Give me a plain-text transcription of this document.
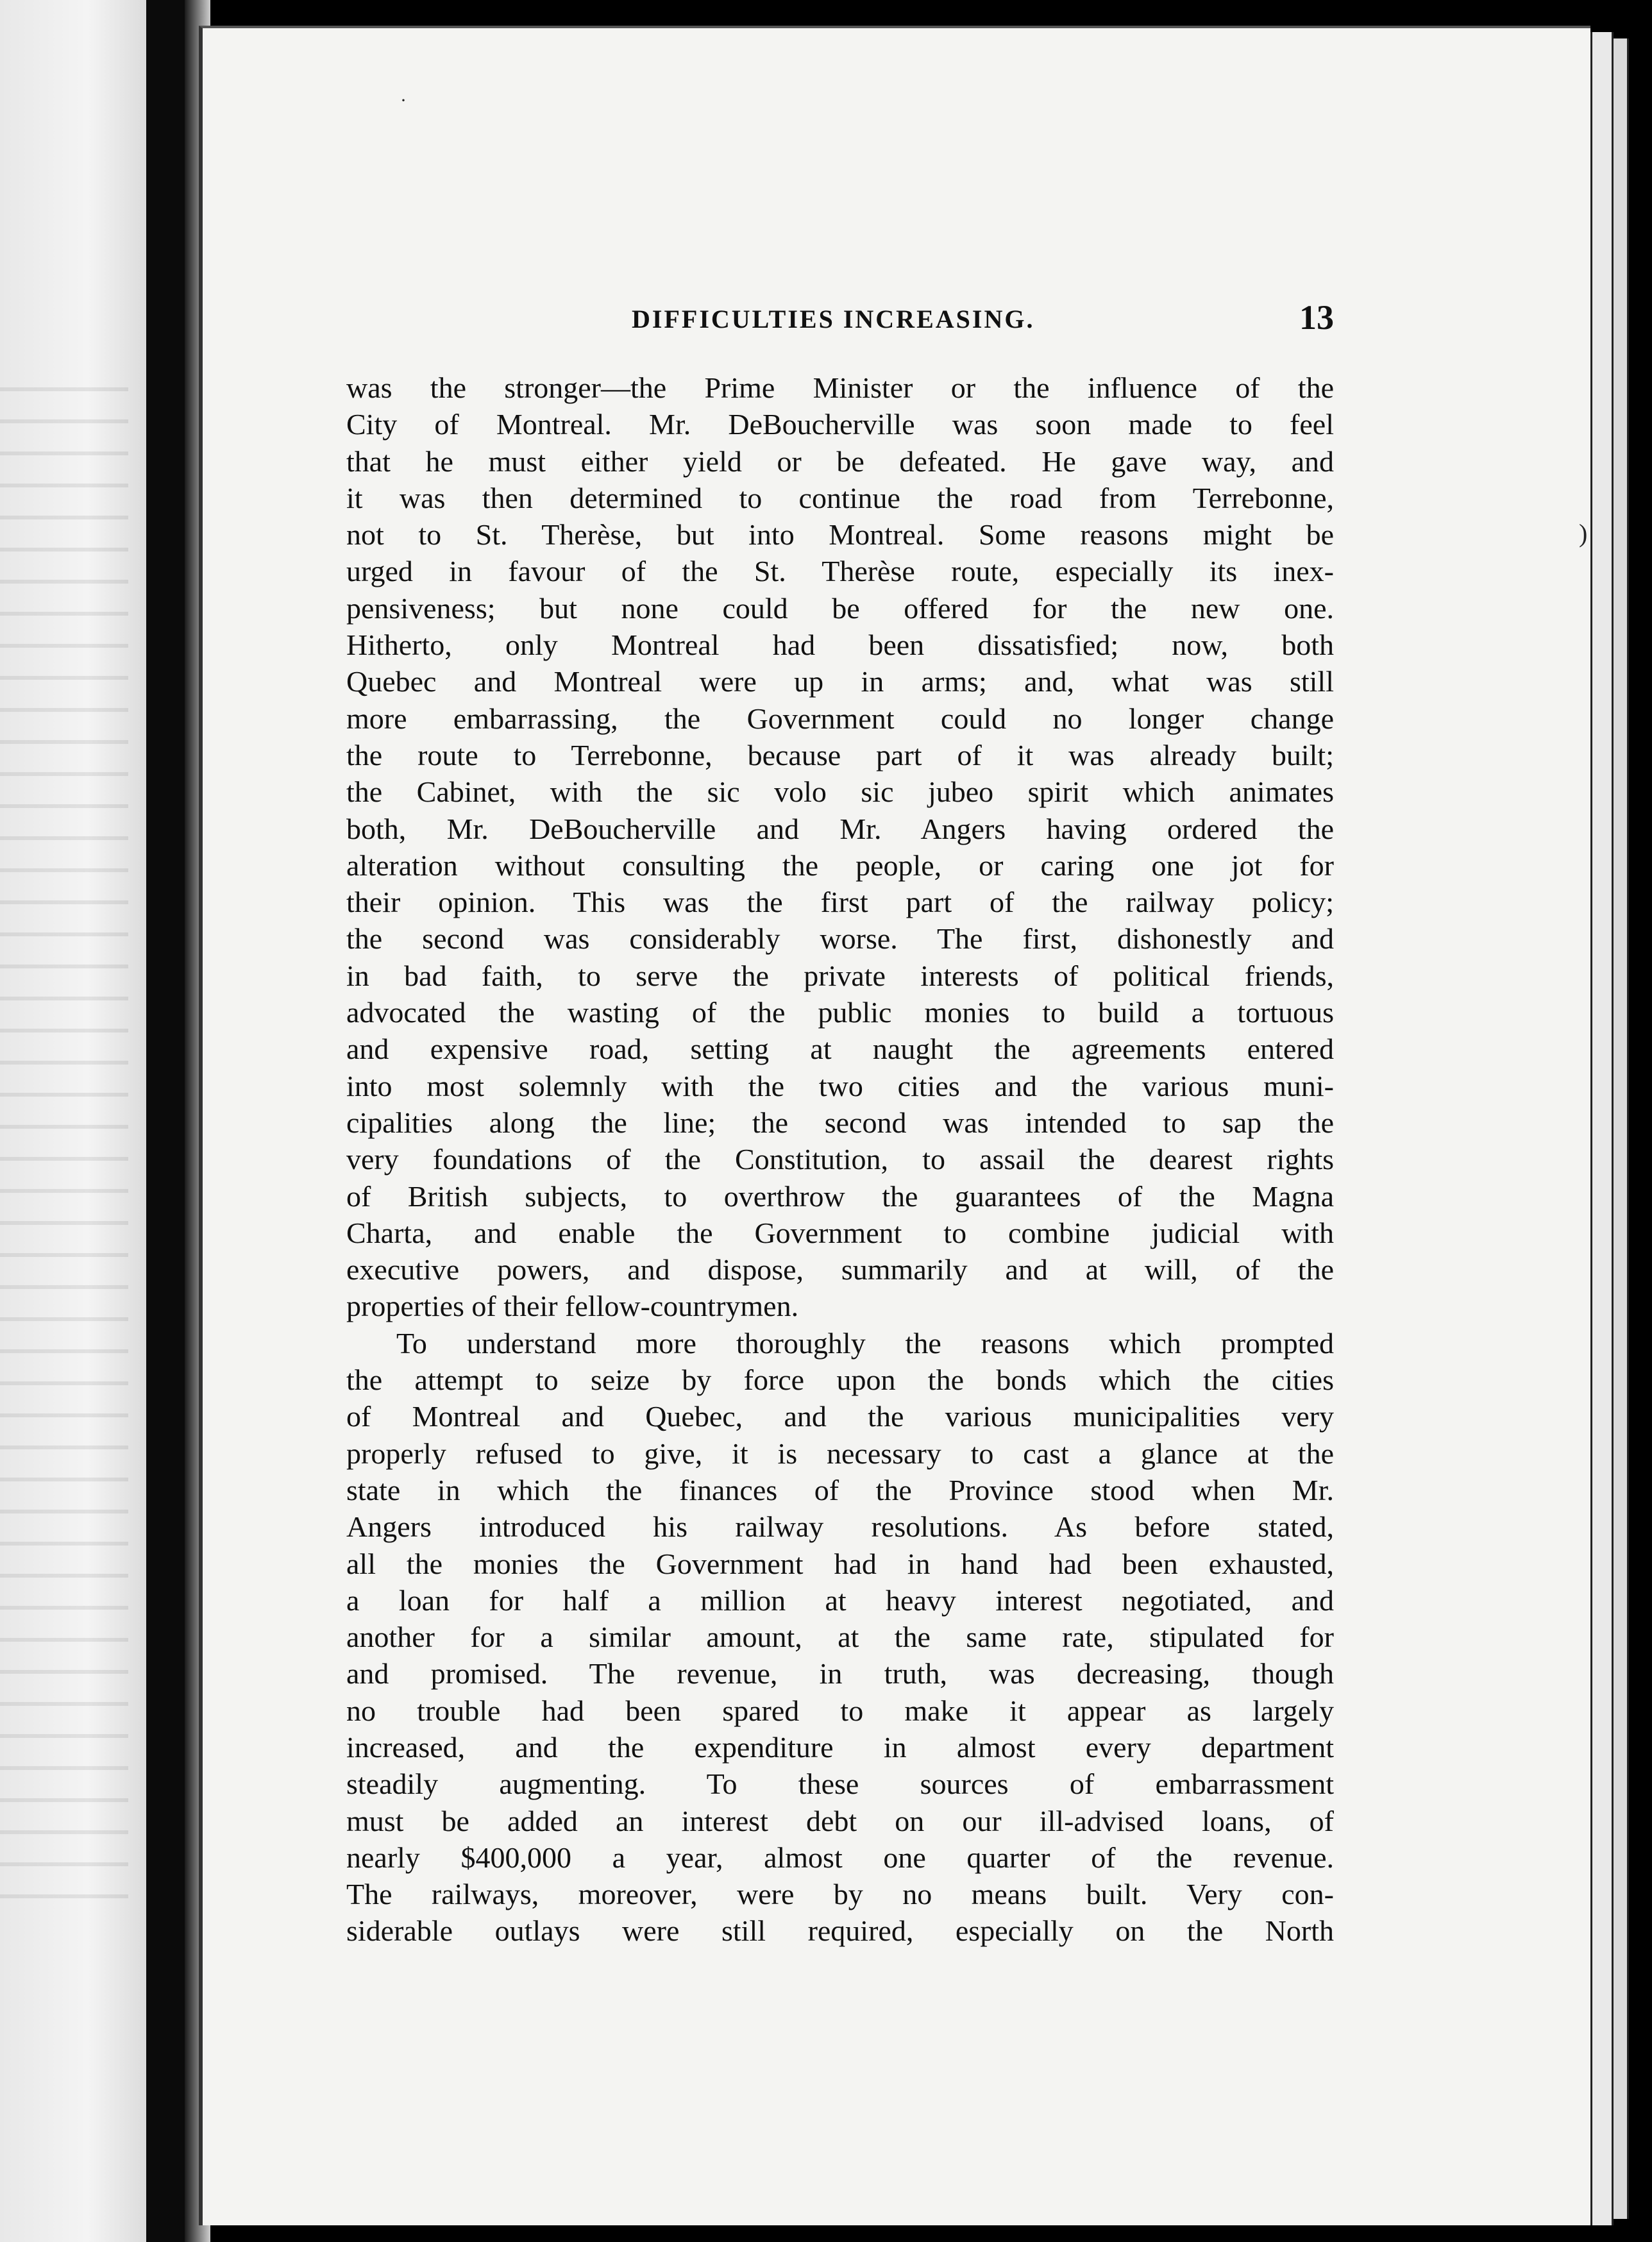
)
·
DIFFICULTIES INCREASING.	13
was the stronger—the Prime Minister or the influence of the
City of Montreal. Mr. DeBoucherville was soon made to feel
that he must either yield or be defeated. He gave way, and
it was then determined to continue the road from Terrebonne,
not to St. Therèse, but into Montreal. Some reasons might be
urged in favour of the St. Therèse route, especially its inex-
pensiveness; but none could be offered for the new one.
Hitherto, only Montreal had been dissatisfied; now, both
Quebec and Montreal were up in arms; and, what was still
more embarrassing, the Government could no longer change
the route to Terrebonne, because part of it was already built;
the Cabinet, with the sic volo sic jubeo spirit which animates
both, Mr. DeBoucherville and Mr. Angers having ordered the
alteration without consulting the people, or caring one jot for
their opinion. This was the first part of the railway policy;
the second was considerably worse. The first, dishonestly and
in bad faith, to serve the private interests of political friends,
advocated the wasting of the public monies to build a tortuous
and expensive road, setting at naught the agreements entered
into most solemnly with the two cities and the various muni-
cipalities along the line; the second was intended to sap the
very foundations of the Constitution, to assail the dearest rights
of British subjects, to overthrow the guarantees of the Magna
Charta, and enable the Government to combine judicial with
executive powers, and dispose, summarily and at will, of the
properties of their fellow-countrymen.
To understand more thoroughly the reasons which prompted
the attempt to seize by force upon the bonds which the cities
of Montreal and Quebec, and the various municipalities very
properly refused to give, it is necessary to cast a glance at the
state in which the finances of the Province stood when Mr.
Angers introduced his railway resolutions. As before stated,
all the monies the Government had in hand had been exhausted,
a loan for half a million at heavy interest negotiated, and
another for a similar amount, at the same rate, stipulated for
and promised. The revenue, in truth, was decreasing, though
no trouble had been spared to make it appear as largely
increased, and the expenditure in almost every department
steadily augmenting. To these sources of embarrassment
must be added an interest debt on our ill-advised loans, of
nearly $400,000 a year, almost one quarter of the revenue.
The railways, moreover, were by no means built. Very con-
siderable outlays were still required, especially on the North
